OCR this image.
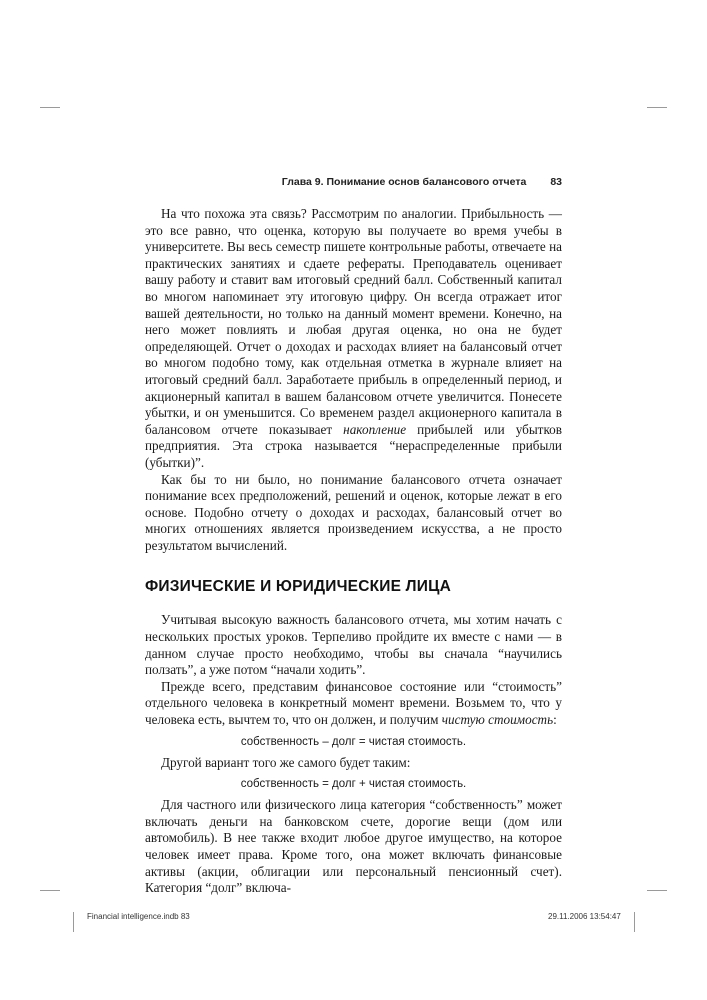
Глава 9. Понимание основ балансового отчета 83

На что похожа эта связь? Рассмотрим по аналогии. Прибыльность — это все равно, что оценка, которую вы получаете во время учебы в университете. Вы весь семестр пишете контрольные работы, отвечаете на практических занятиях и сдаете рефераты. Преподаватель оценивает вашу работу и ставит вам итоговый средний балл. Собственный капитал во многом напоминает эту итоговую цифру. Он всегда отражает итог вашей деятельности, но только на данный момент времени. Конечно, на него может повлиять и любая другая оценка, но она не будет определяющей. Отчет о доходах и расходах влияет на балансовый отчет во многом подобно тому, как отдельная отметка в журнале влияет на итоговый средний балл. Заработаете прибыль в определенный период, и акционерный капитал в вашем балансовом отчете увеличится. Понесете убытки, и он уменьшится. Со временем раздел акционерного капитала в балансовом отчете показывает накопление прибылей или убытков предприятия. Эта строка называется “нераспределенные прибыли (убытки)”.

Как бы то ни было, но понимание балансового отчета означает понимание всех предположений, решений и оценок, которые лежат в его основе. Подобно отчету о доходах и расходах, балансовый отчет во многих отношениях является произведением искусства, а не просто результатом вычислений.

ФИЗИЧЕСКИЕ И ЮРИДИЧЕСКИЕ ЛИЦА

Учитывая высокую важность балансового отчета, мы хотим начать с нескольких простых уроков. Терпеливо пройдите их вместе с нами — в данном случае просто необходимо, чтобы вы сначала “научились ползать”, а уже потом “начали ходить”.

Прежде всего, представим финансовое состояние или “стоимость” отдельного человека в конкретный момент времени. Возьмем то, что у человека есть, вычтем то, что он должен, и получим чистую стоимость:

собственность – долг = чистая стоимость.

Другой вариант того же самого будет таким:

собственность = долг + чистая стоимость.

Для частного или физического лица категория “собственность” может включать деньги на банковском счете, дорогие вещи (дом или автомобиль). В нее также входит любое другое имущество, на которое человек имеет права. Кроме того, она может включать финансовые активы (акции, облигации или персональный пенсионный счет). Категория “долг” включа-

Financial intelligence.indb 83	29.11.2006 13:54:47
